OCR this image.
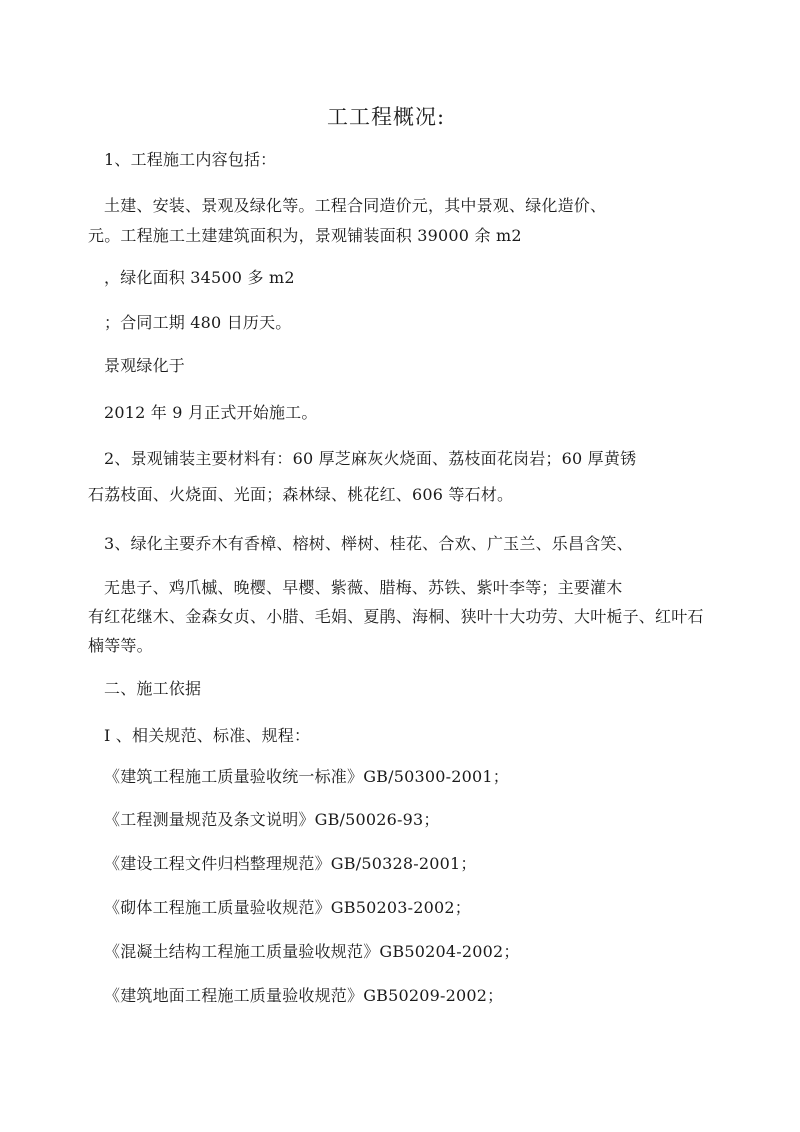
工工程概况:
1、工程施工内容包括：
土建、安装、景观及绿化等。工程合同造价元，其中景观、绿化造价、
元。工程施工土建建筑面积为，景观铺装面积 39000 余 m2
，绿化面积 34500 多 m2
；合同工期 480 日历天。
景观绿化于
2012 年 9 月正式开始施工。
2、景观铺装主要材料有：60 厚芝麻灰火烧面、荔枝面花岗岩；60 厚黄锈
石荔枝面、火烧面、光面；森林绿、桃花红、606 等石材。
3、绿化主要乔木有香樟、榕树、榉树、桂花、合欢、广玉兰、乐昌含笑、
无患子、鸡爪槭、晚樱、早樱、紫薇、腊梅、苏铁、紫叶李等；主要灌木
有红花继木、金森女贞、小腊、毛娟、夏鹃、海桐、狭叶十大功劳、大叶栀子、红叶石
楠等等。
二、施工依据
I 、相关规范、标准、规程：
《建筑工程施工质量验收统一标准》GB/50300-2001；
《工程测量规范及条文说明》GB/50026-93；
《建设工程文件归档整理规范》GB/50328-2001；
《砌体工程施工质量验收规范》GB50203-2002；
《混凝土结构工程施工质量验收规范》GB50204-2002；
《建筑地面工程施工质量验收规范》GB50209-2002；
